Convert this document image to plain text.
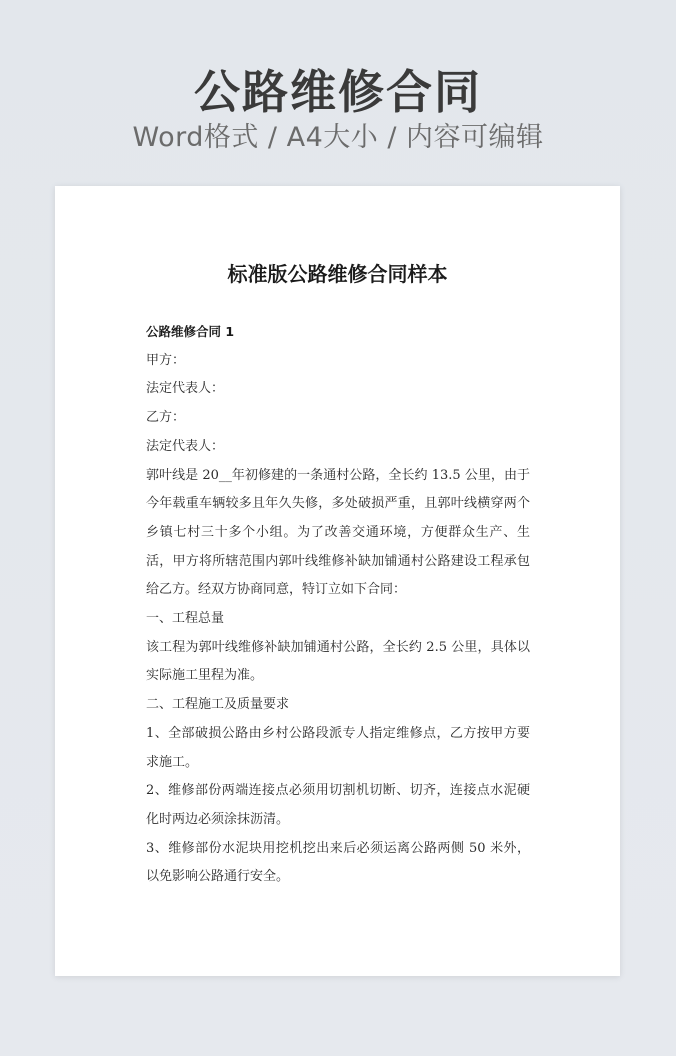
公路维修合同
Word格式 / A4大小 / 内容可编辑
标准版公路维修合同样本

公路维修合同 1

甲方：

法定代表人：

乙方：

法定代表人：

郭叶线是 20__年初修建的一条通村公路，全长约 13.5 公里，由于今年载重车辆较多且年久失修，多处破损严重，且郭叶线横穿两个乡镇七村三十多个小组。为了改善交通环境，方便群众生产、生活，甲方将所辖范围内郭叶线维修补缺加铺通村公路建设工程承包给乙方。经双方协商同意，特订立如下合同：

一、工程总量

该工程为郭叶线维修补缺加铺通村公路，全长约 2.5 公里，具体以实际施工里程为准。

二、工程施工及质量要求

1、全部破损公路由乡村公路段派专人指定维修点，乙方按甲方要求施工。

2、维修部份两端连接点必须用切割机切断、切齐，连接点水泥硬化时两边必须涂抹沥清。

3、维修部份水泥块用挖机挖出来后必须运离公路两侧 50 米外，以免影响公路通行安全。
